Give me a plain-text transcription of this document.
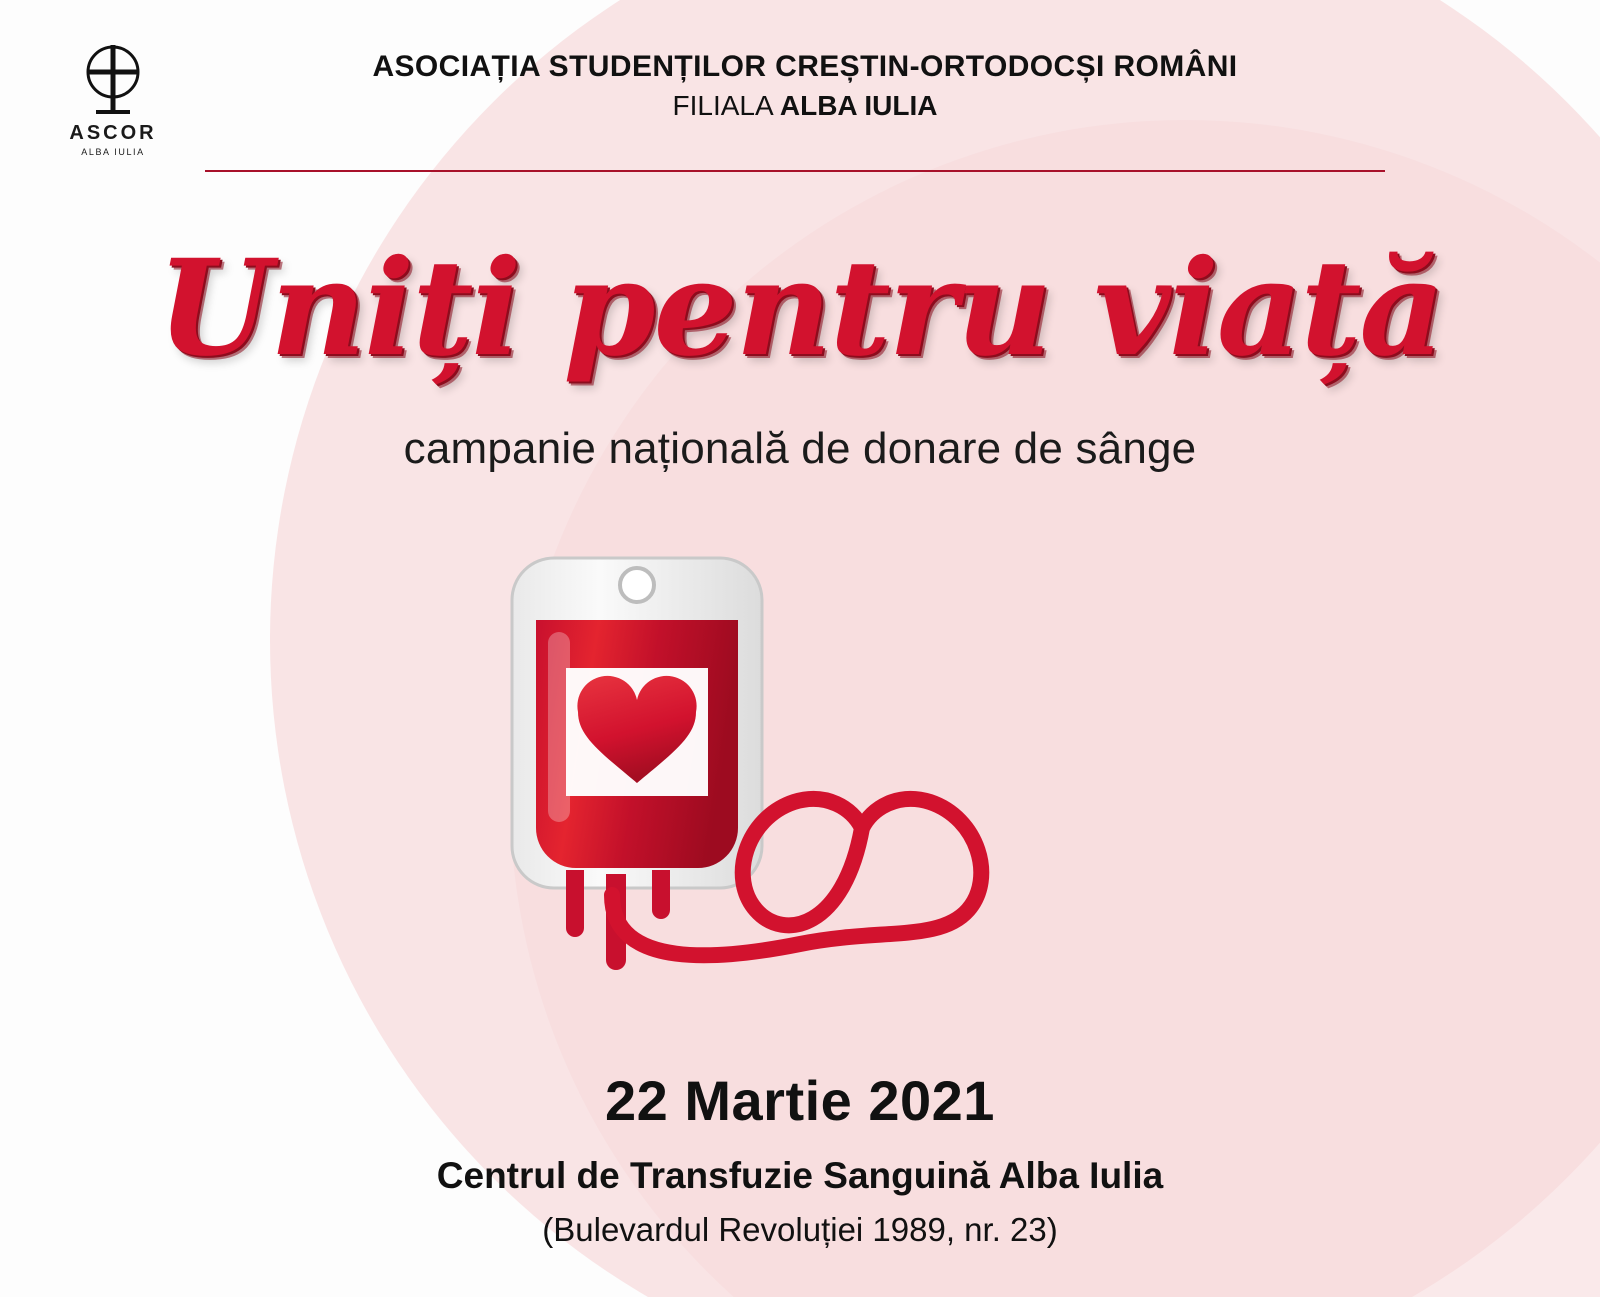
ASCOR
ALBA IULIA
ASOCIAȚIA STUDENȚILOR CREȘTIN-ORTODOCȘI ROMÂNI
FILIALA ALBA IULIA
Uniți pentru viață
campanie națională de donare de sânge
22 Martie 2021
Centrul de Transfuzie Sanguină Alba Iulia
(Bulevardul Revoluției 1989, nr. 23)
